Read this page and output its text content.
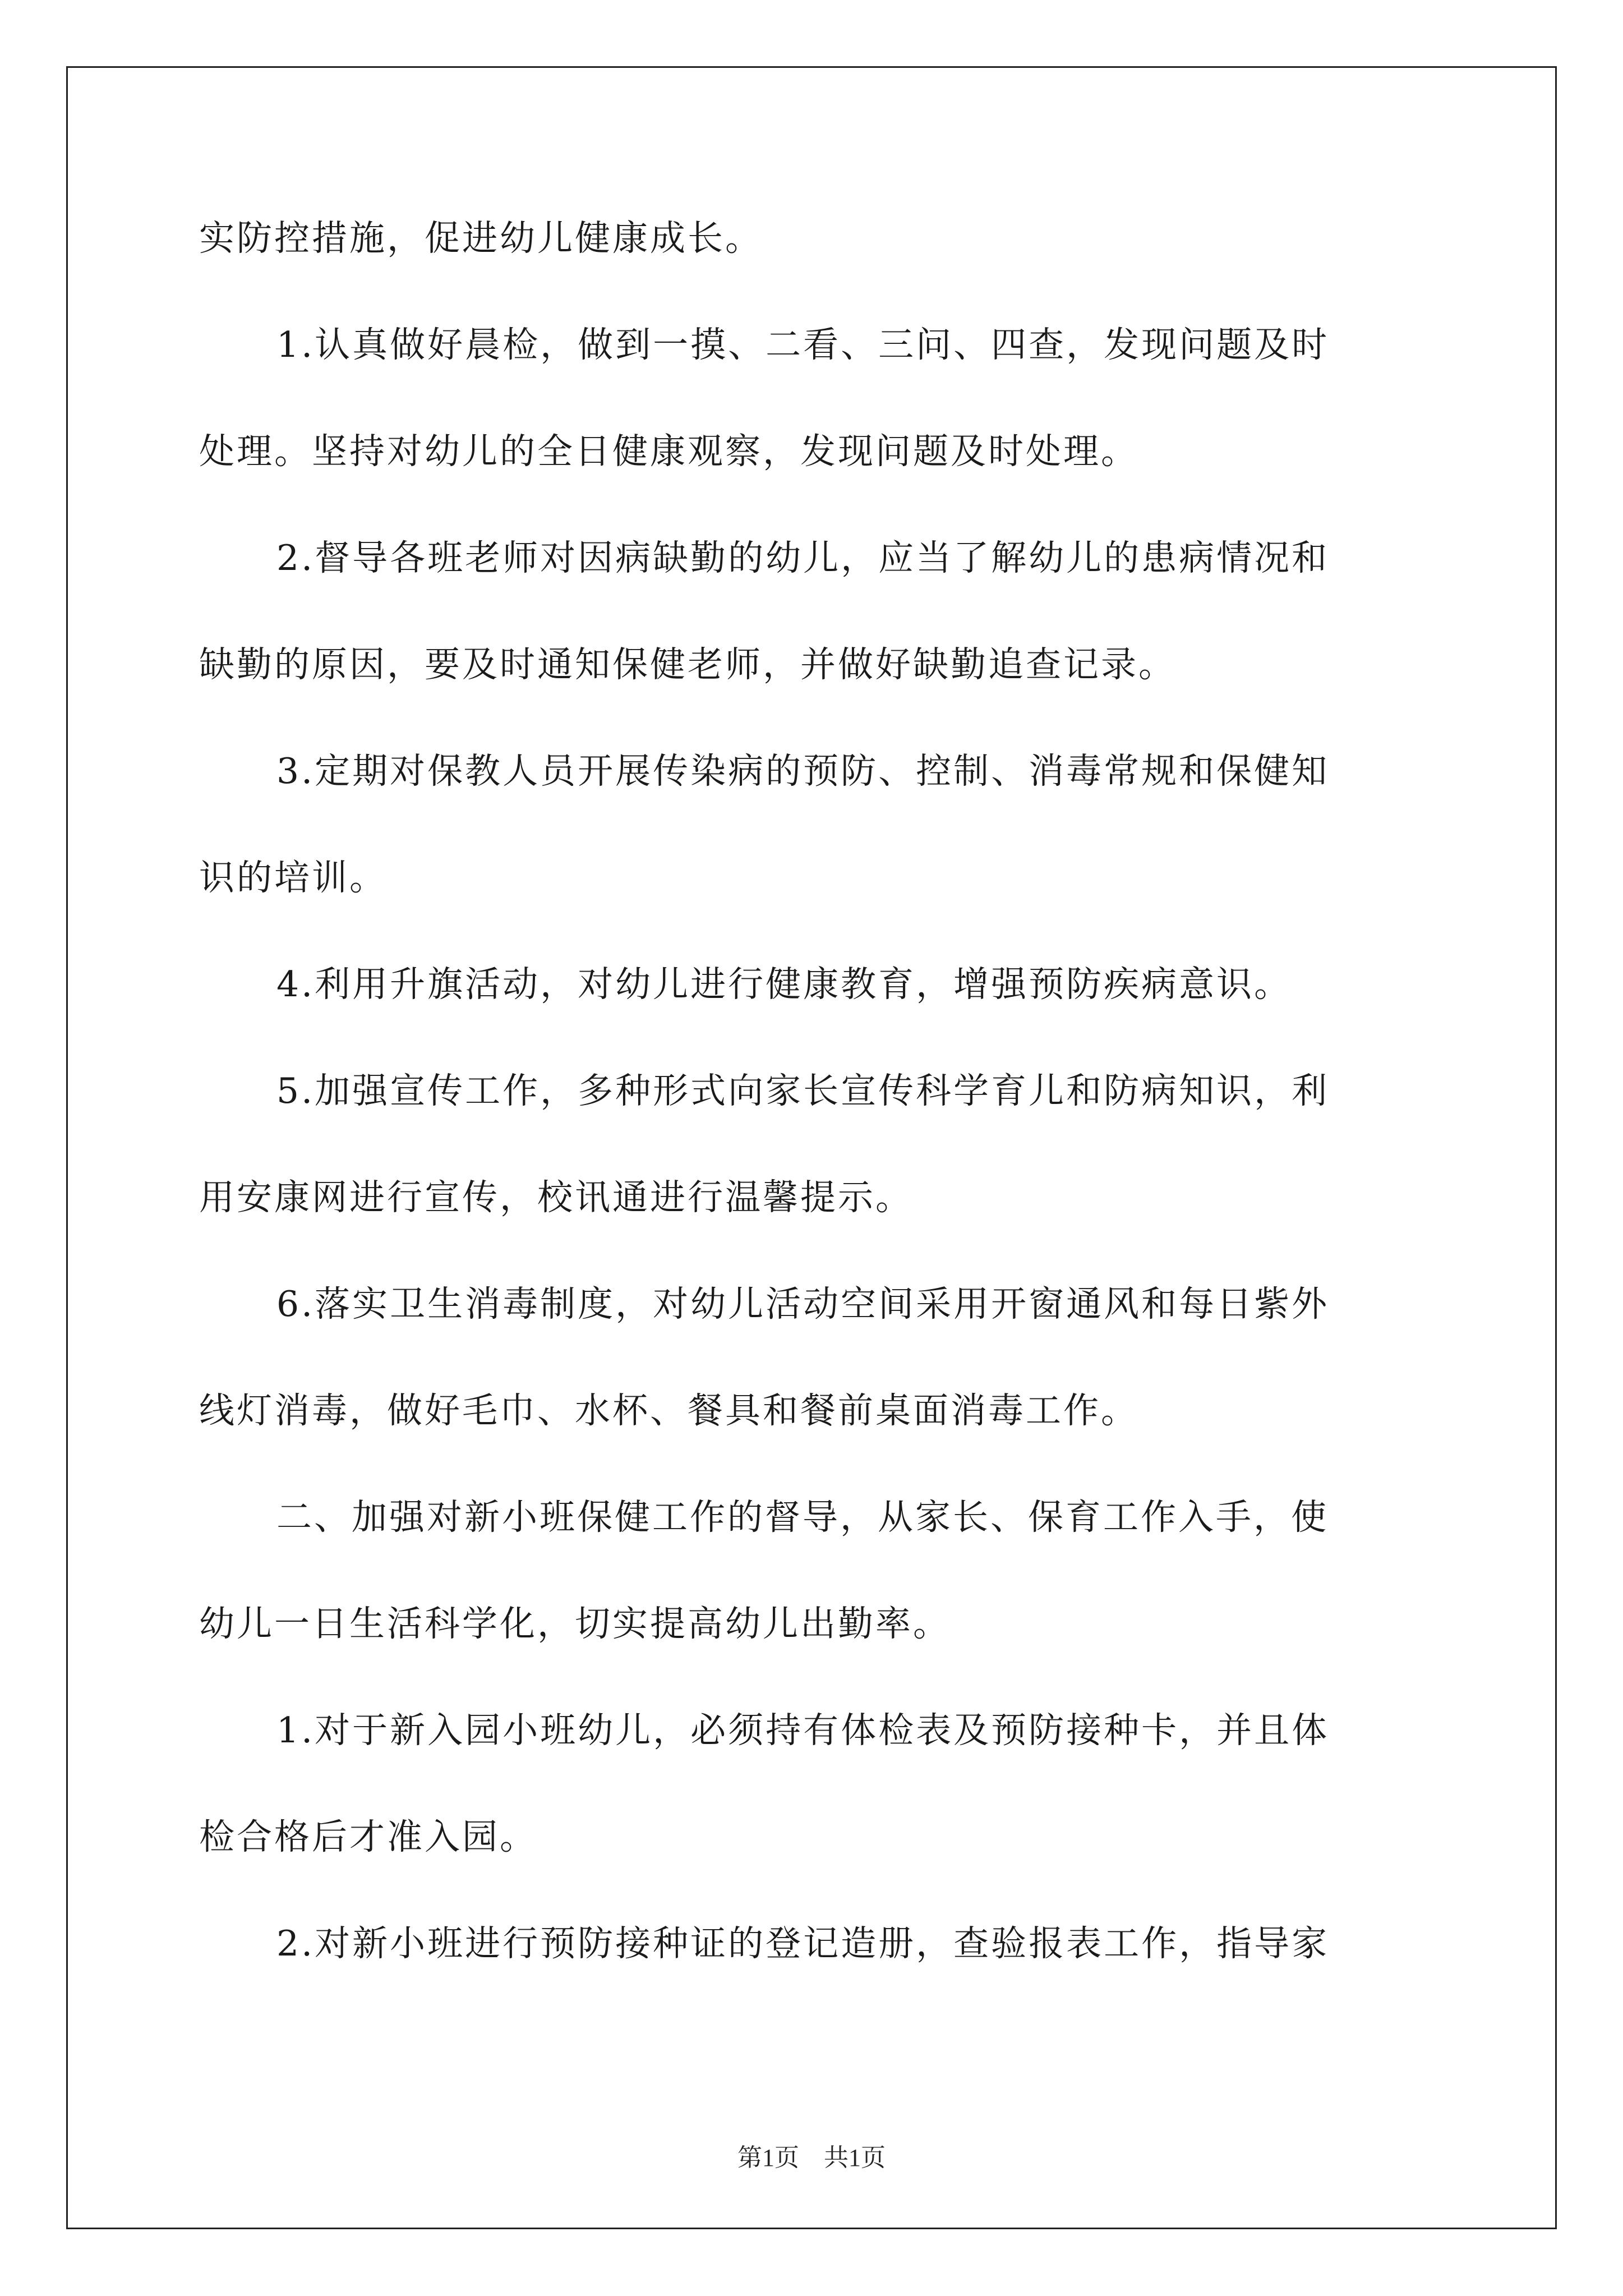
实防控措施，促进幼儿健康成长。
1.认真做好晨检，做到一摸、二看、三问、四查，发现问题及时
处理。坚持对幼儿的全日健康观察，发现问题及时处理。
2.督导各班老师对因病缺勤的幼儿，应当了解幼儿的患病情况和
缺勤的原因，要及时通知保健老师，并做好缺勤追查记录。
3.定期对保教人员开展传染病的预防、控制、消毒常规和保健知
识的培训。
4.利用升旗活动，对幼儿进行健康教育，增强预防疾病意识。
5.加强宣传工作，多种形式向家长宣传科学育儿和防病知识，利
用安康网进行宣传，校讯通进行温馨提示。
6.落实卫生消毒制度，对幼儿活动空间采用开窗通风和每日紫外
线灯消毒，做好毛巾、水杯、餐具和餐前桌面消毒工作。
二、加强对新小班保健工作的督导，从家长、保育工作入手，使
幼儿一日生活科学化，切实提高幼儿出勤率。
1.对于新入园小班幼儿，必须持有体检表及预防接种卡，并且体
检合格后才准入园。
2.对新小班进行预防接种证的登记造册，查验报表工作，指导家
第1页　共1页
